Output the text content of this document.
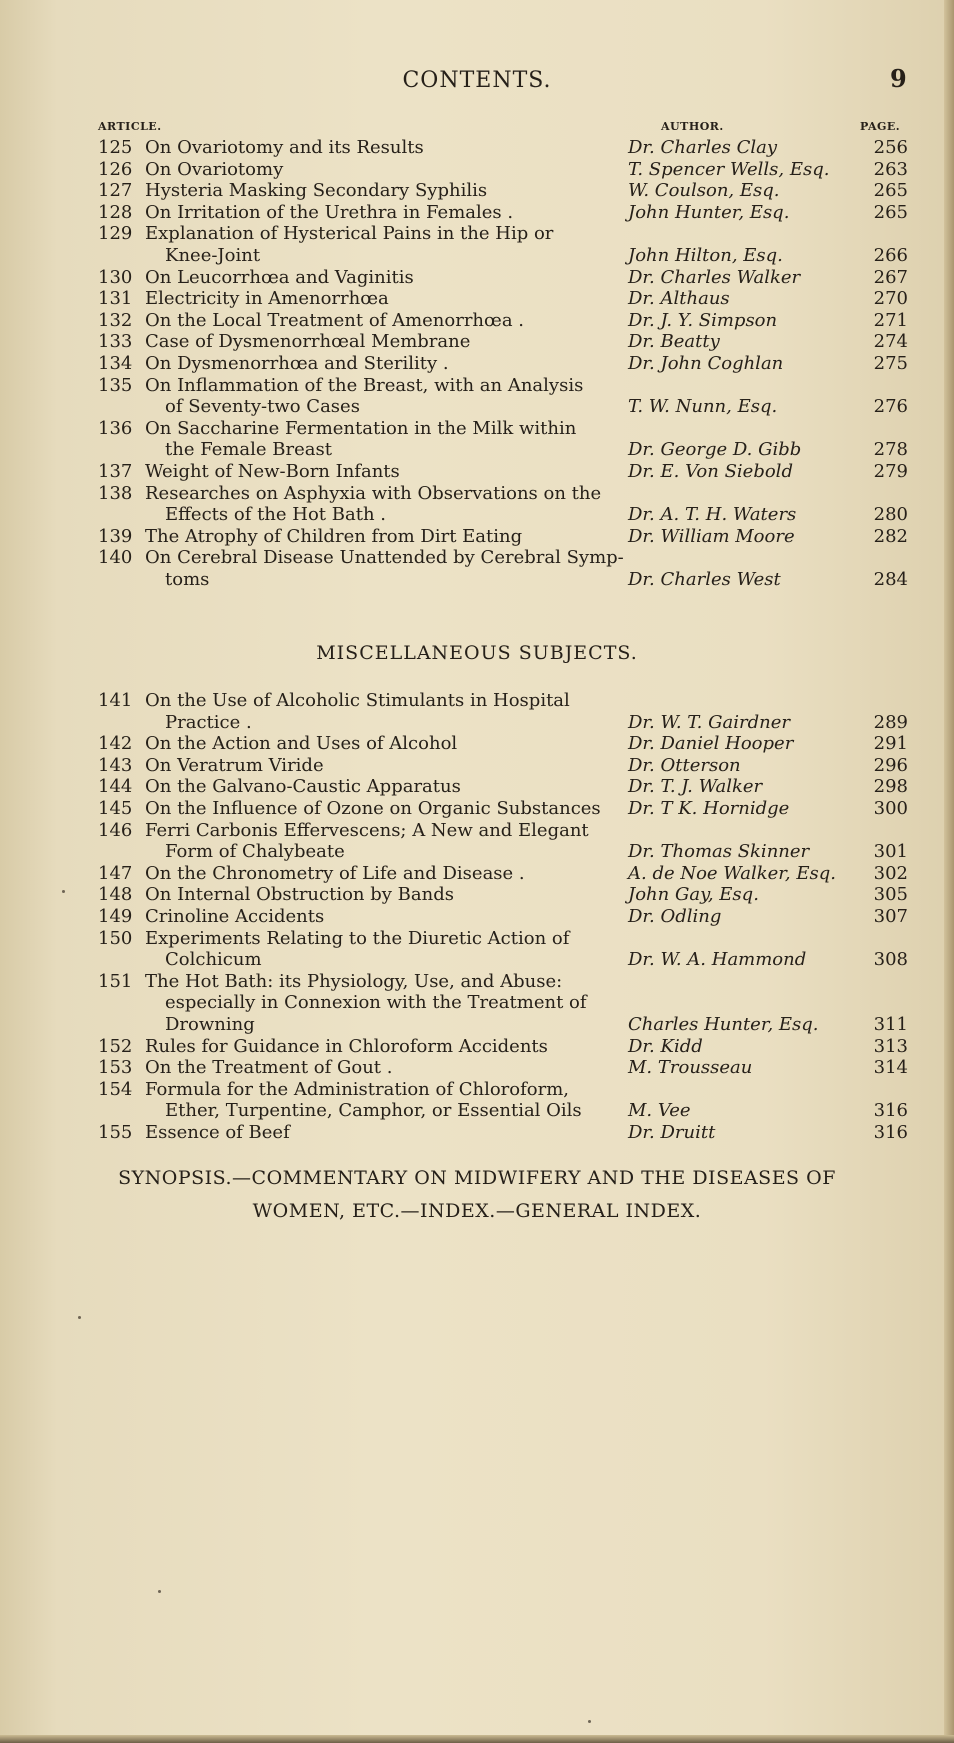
CONTENTS.	9
ARTICLE.	AUTHOR.	PAGE.
125 On Ovariotomy and its Results	Dr. Charles Clay	256
126 On Ovariotomy	T. Spencer Wells, Esq. 263
127 Hysteria Masking Secondary Syphilis	W. Coulson, Esq.	265
128 On Irritation of the Urethra in Females .	John Hunter, Esq.	265
129 Explanation of Hysterical Pains in the Hip or
Knee-Joint	John Hilton, Esq.	266
130 On Leucorrhœa and Vaginitis	Dr. Charles Walker	267
131 Electricity in Amenorrhœa	Dr. Althaus	270
132 On the Local Treatment of Amenorrhœa .	Dr. J. Y. Simpson	271
133 Case of Dysmenorrhœal Membrane	Dr. Beatty	274
134 On Dysmenorrhœa and Sterility .	Dr. John Coghlan	275
135 On Inflammation of the Breast, with an Analysis
of Seventy-two Cases	T. W. Nunn, Esq.	276
136 On Saccharine Fermentation in the Milk within
the Female Breast	Dr. George D. Gibb	278
137 Weight of New-Born Infants	Dr. E. Von Siebold	279
138 Researches on Asphyxia with Observations on the
Effects of the Hot Bath .	Dr. A. T. H. Waters	280
139 The Atrophy of Children from Dirt Eating	Dr. William Moore	282
140 On Cerebral Disease Unattended by Cerebral Symp-
toms	Dr. Charles West	284
MISCELLANEOUS SUBJECTS.
141 On the Use of Alcoholic Stimulants in Hospital
Practice .	Dr. W. T. Gairdner	289
142 On the Action and Uses of Alcohol	Dr. Daniel Hooper	291
143 On Veratrum Viride	Dr. Otterson	296
144 On the Galvano-Caustic Apparatus	Dr. T. J. Walker	298
145 On the Influence of Ozone on Organic Substances Dr. T K. Hornidge	300
146 Ferri Carbonis Effervescens; A New and Elegant
Form of Chalybeate	Dr. Thomas Skinner	301
147 On the Chronometry of Life and Disease .	A. de Noe Walker, Esq. 302
148 On Internal Obstruction by Bands	John Gay, Esq.	305
149 Crinoline Accidents	Dr. Odling	307
150 Experiments Relating to the Diuretic Action of
Colchicum	Dr. W. A. Hammond	308
151 The Hot Bath: its Physiology, Use, and Abuse:
especially in Connexion with the Treatment of
Drowning	Charles Hunter, Esq.	311
152 Rules for Guidance in Chloroform Accidents	Dr. Kidd	313
153 On the Treatment of Gout .	M. Trousseau	314
154 Formula for the Administration of Chloroform,
Ether, Turpentine, Camphor, or Essential Oils	M. Vee	316
155 Essence of Beef	Dr. Druitt	316
SYNOPSIS.—COMMENTARY ON MIDWIFERY AND THE DISEASES OF
WOMEN, ETC.—INDEX.—GENERAL INDEX.
